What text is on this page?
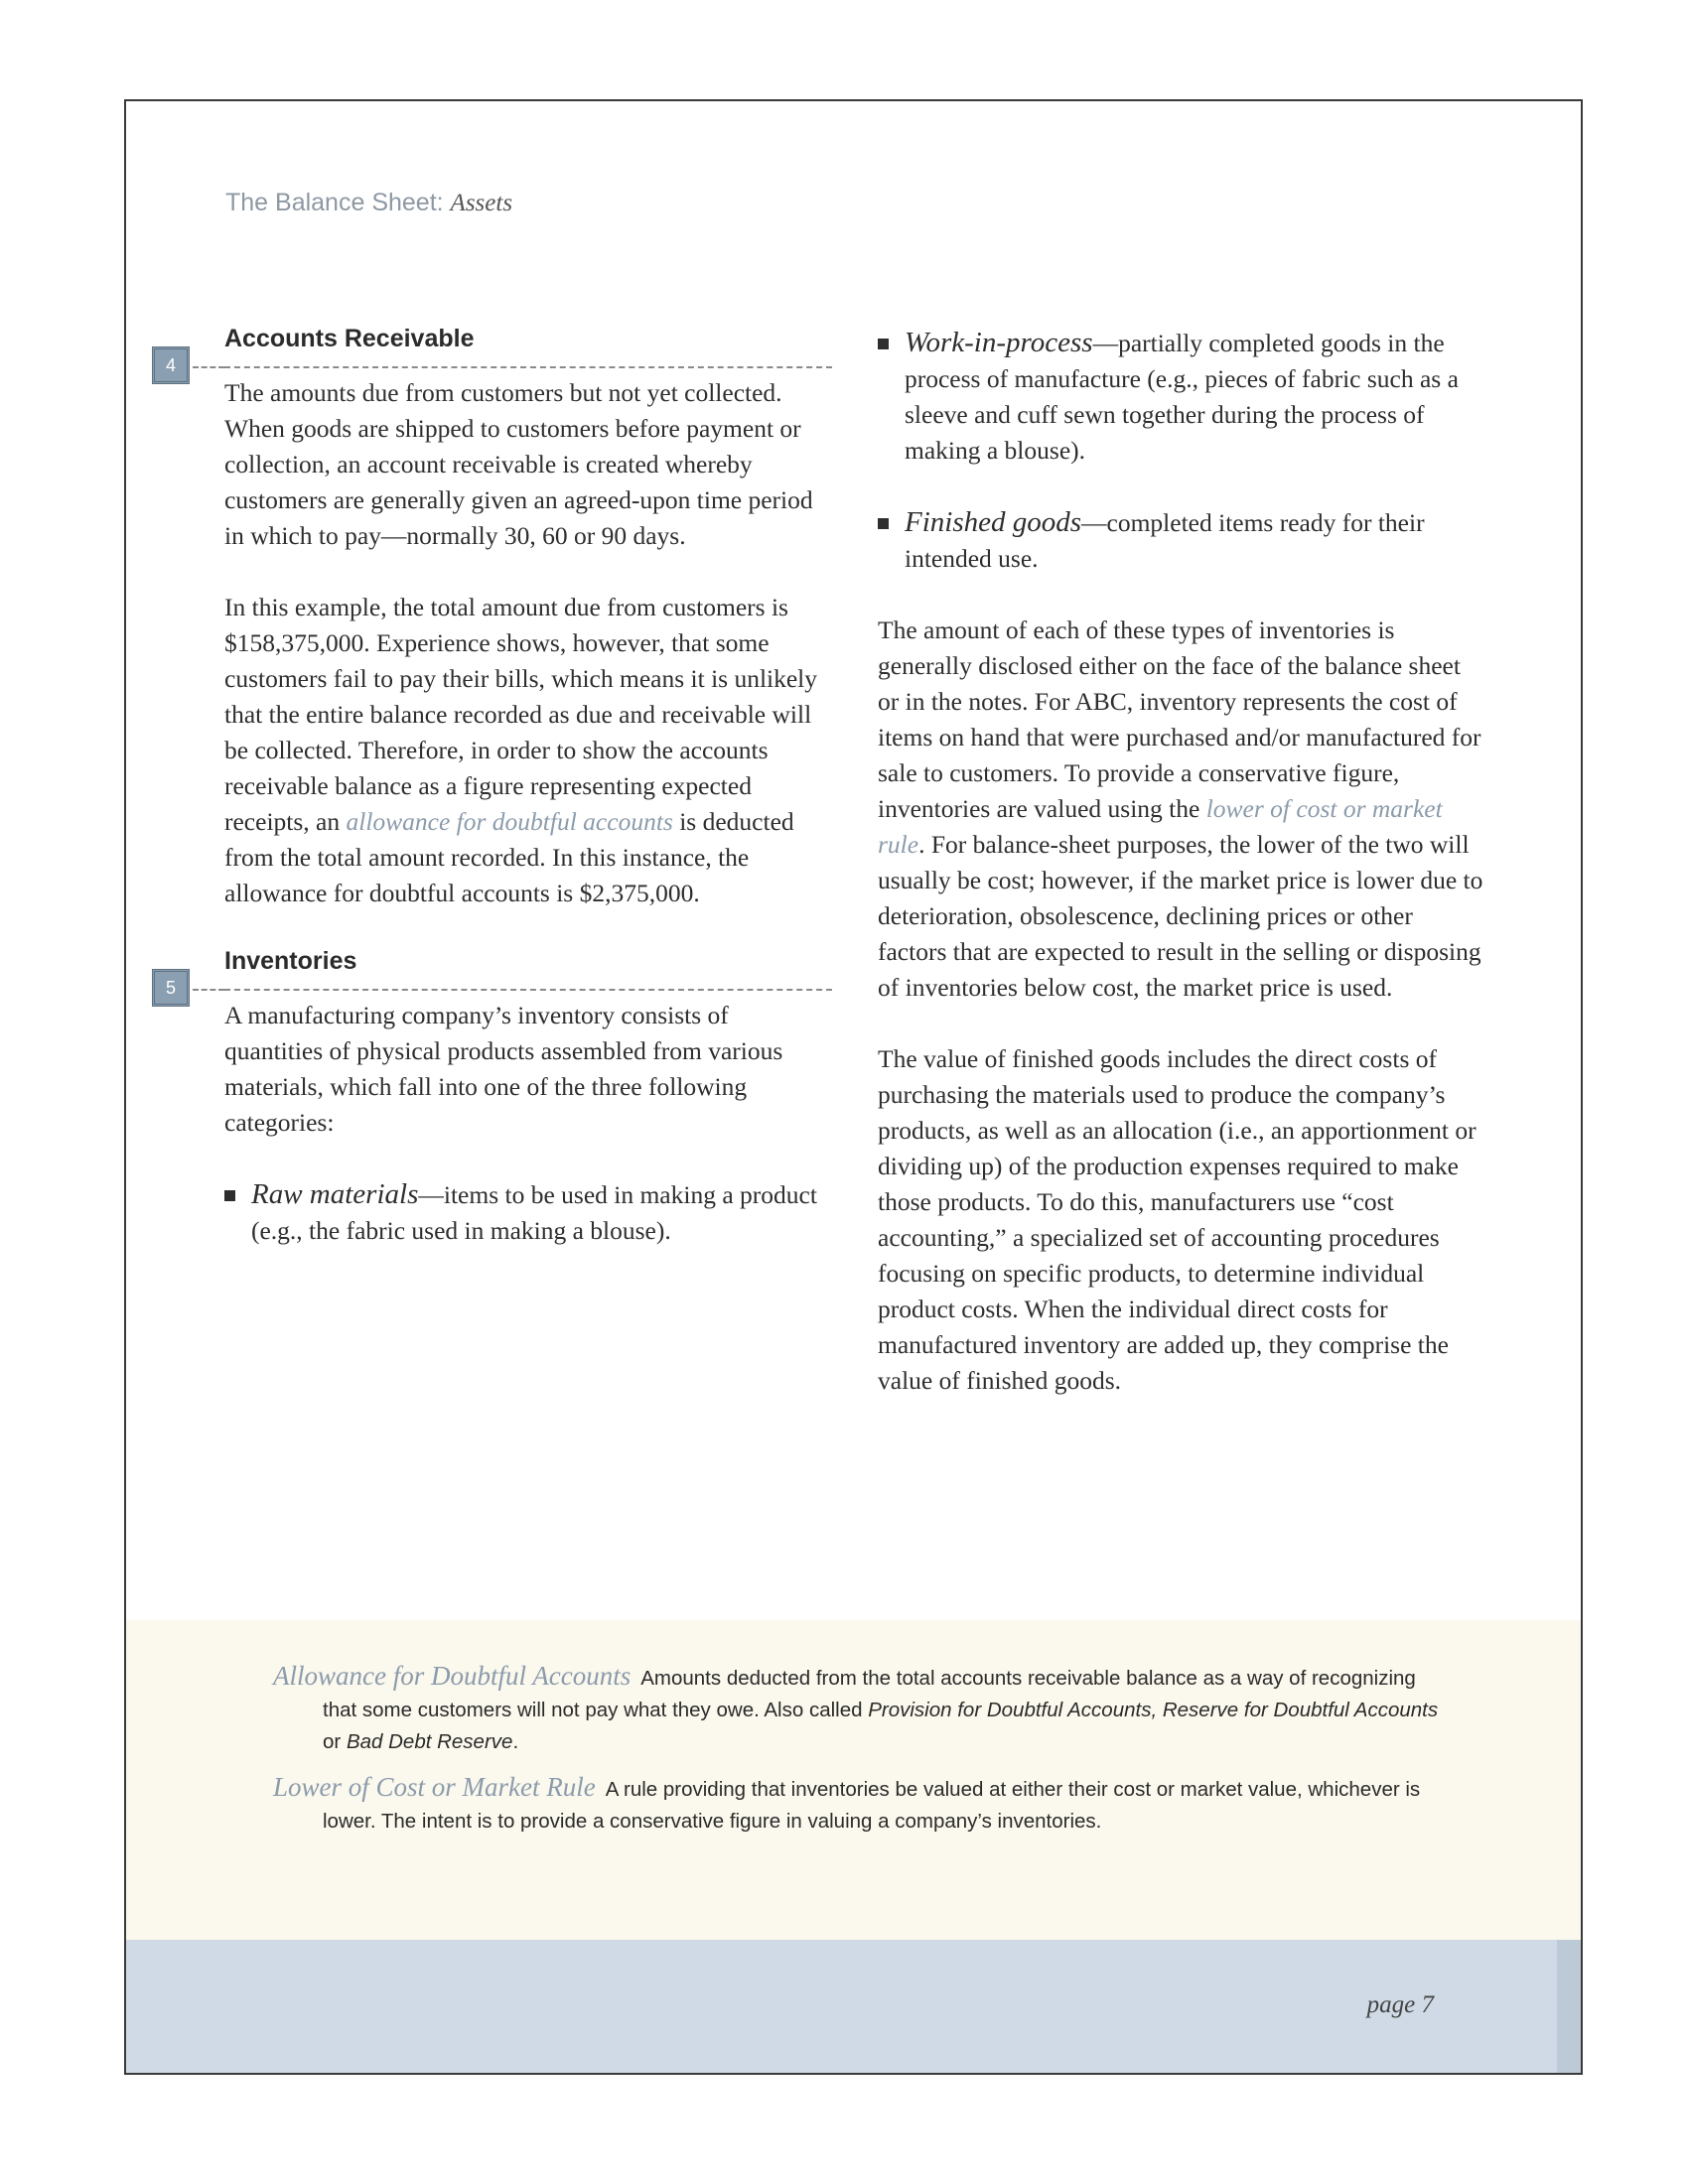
The Balance Sheet: Assets
4
Accounts Receivable

The amounts due from customers but not yet collected. When goods are shipped to customers before payment or collection, an account receivable is created whereby customers are generally given an agreed-upon time period in which to pay—normally 30, 60 or 90 days.

In this example, the total amount due from customers is $158,375,000. Experience shows, however, that some customers fail to pay their bills, which means it is unlikely that the entire balance recorded as due and receivable will be collected. Therefore, in order to show the accounts receivable balance as a figure representing expected receipts, an allowance for doubtful accounts is deducted from the total amount recorded. In this instance, the allowance for doubtful accounts is $2,375,000.

5
Inventories

A manufacturing company’s inventory consists of quantities of physical products assembled from various materials, which fall into one of the three following categories:

Raw materials—items to be used in making a product (e.g., the fabric used in making a blouse).
Work-in-process—partially completed goods in the process of manufacture (e.g., pieces of fabric such as a sleeve and cuff sewn together during the process of making a blouse).
Finished goods—completed items ready for their intended use.

The amount of each of these types of inventories is generally disclosed either on the face of the balance sheet or in the notes. For ABC, inventory represents the cost of items on hand that were purchased and/or manufactured for sale to customers. To provide a conservative figure, inventories are valued using the lower of cost or market rule. For balance-sheet purposes, the lower of the two will usually be cost; however, if the market price is lower due to deterioration, obsolescence, declining prices or other factors that are expected to result in the selling or disposing of inventories below cost, the market price is used.

The value of finished goods includes the direct costs of purchasing the materials used to produce the company’s products, as well as an allocation (i.e., an apportionment or dividing up) of the production expenses required to make those products. To do this, manufacturers use “cost accounting,” a specialized set of accounting procedures focusing on specific products, to determine individual product costs. When the individual direct costs for manufactured inventory are added up, they comprise the value of finished goods.

Allowance for Doubtful Accounts Amounts deducted from the total accounts receivable balance as a way of recognizing that some customers will not pay what they owe. Also called Provision for Doubtful Accounts, Reserve for Doubtful Accounts or Bad Debt Reserve.
Lower of Cost or Market Rule A rule providing that inventories be valued at either their cost or market value, whichever is lower. The intent is to provide a conservative figure in valuing a company’s inventories.
page 7
